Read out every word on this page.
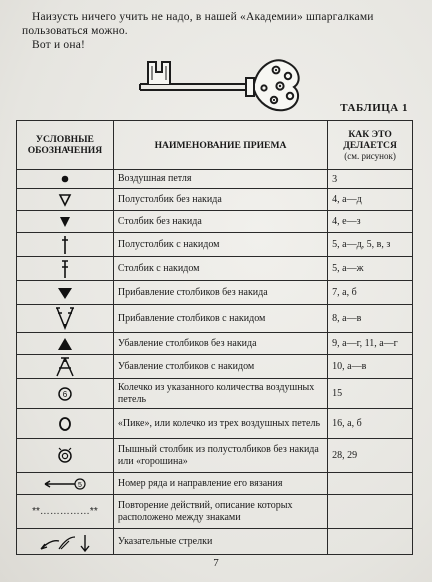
Наизусть ничего учить не надо, в нашей «Академии» шпаргалками пользоваться можно.

Вот и она!

ТАБЛИЦА 1
УСЛОВНЫЕ ОБОЗНАЧЕНИЯ	НАИМЕНОВАНИЕ ПРИЕМА	КАК ЭТО ДЕЛАЕТСЯ
(см. рисунок)

	Воздушная петля	3

	Полустолбик без накида	4, а—д

	Столбик без накида	4, е—з

	Полустолбик с накидом	5, а—д, 5, в, з

	Столбик с накидом	5, а—ж

	Прибавление столбиков без накида	7, а, б

	Прибавление столбиков с накидом	8, а—в

	Убавление столбиков без накида	9, а—г, 11, а—г

	Убавление столбиков с накидом	10, а—в

6	Колечко из указанного количества воздушных петель	15

	«Пике», или колечко из трех воздушных петель	16, а, б

	Пышный столбик из полустолбиков без накида или «горошина»	28, 29

5	Номер ряда и направление его вязания	
**……………**	Повторение действий, описание которых расположено между знаками	

	Указательные стрелки	
7
